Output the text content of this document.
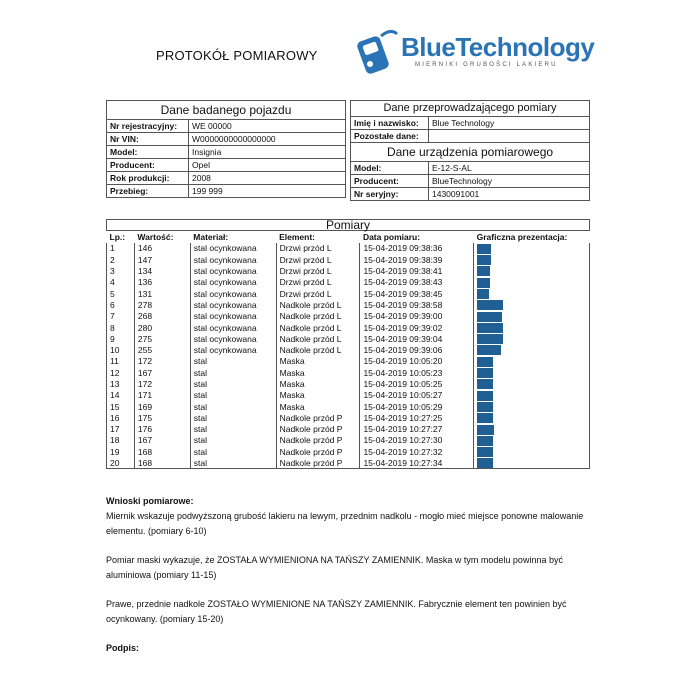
PROTOKÓŁ POMIAROWY	BlueTechnology
MIERNIKI GRUBOŚCI LAKIERU
Dane badanego pojazdu	
Nr rejestracyjny:	WE 00000
Nr VIN:	W0000000000000000
Model:	Insignia
Producent:	Opel
Rok produkcji:	2008
Przebieg:	199 999
Dane przeprowadzającego pomiary	
Imię i nazwisko:	Blue Technology
Pozostałe dane:	
Dane urządzenia pomiarowego	
Model:	E-12-S-AL
Producent:	BlueTechnology
Nr seryjny:	1430091001
Pomiary					
Lp.:	Wartość:	Materiał:	Element:	Data pomiaru:	Graficzna prezentacja:
1	146	stal ocynkowana	Drzwi przód L	15-04-2019 09:38:36	
2	147	stal ocynkowana	Drzwi przód L	15-04-2019 09:38:39	
3	134	stal ocynkowana	Drzwi przód L	15-04-2019 09:38:41	
4	136	stal ocynkowana	Drzwi przód L	15-04-2019 09:38:43	
5	131	stal ocynkowana	Drzwi przód L	15-04-2019 09:38:45	
6	278	stal ocynkowana	Nadkole przód L	15-04-2019 09:38:58	
7	268	stal ocynkowana	Nadkole przód L	15-04-2019 09:39:00	
8	280	stal ocynkowana	Nadkole przód L	15-04-2019 09:39:02	
9	275	stal ocynkowana	Nadkole przód L	15-04-2019 09:39:04	
10	255	stal ocynkowana	Nadkole przód L	15-04-2019 09:39:06	
11	172	stal	Maska	15-04-2019 10:05:20	
12	167	stal	Maska	15-04-2019 10:05:23	
13	172	stal	Maska	15-04-2019 10:05:25	
14	171	stal	Maska	15-04-2019 10:05:27	
15	169	stal	Maska	15-04-2019 10:05:29	
16	175	stal	Nadkole przód P	15-04-2019 10:27:25	
17	176	stal	Nadkole przód P	15-04-2019 10:27:27	
18	167	stal	Nadkole przód P	15-04-2019 10:27:30	
19	168	stal	Nadkole przód P	15-04-2019 10:27:32	
20	168	stal	Nadkole przód P	15-04-2019 10:27:34	
Wnioski pomiarowe:

Miernik wskazuje podwyższoną grubość lakieru na lewym, przednim nadkolu - mogło mieć miejsce ponowne malowanie elementu. (pomiary 6-10)

Pomiar maski wykazuje, że ZOSTAŁA WYMIENIONA NA TAŃSZY ZAMIENNIK. Maska w tym modelu powinna być aluminiowa (pomiary 11-15)

Prawe, przednie nadkole ZOSTAŁO WYMIENIONE NA TAŃSZY ZAMIENNIK. Fabrycznie element ten powinien być ocynkowany. (pomiary 15-20)

Podpis:
